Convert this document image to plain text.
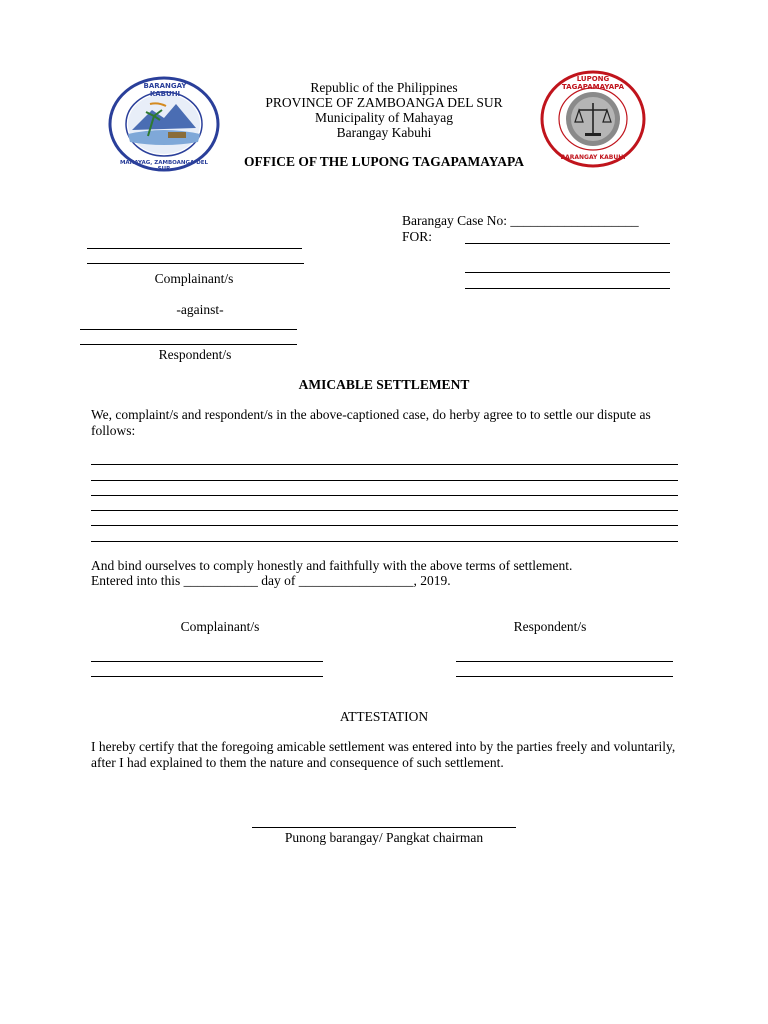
BARANGAY KABUHI
MAHAYAG, ZAMBOANGA DEL SUR
LUPONG TAGAPAMAYAPA
BARANGAY KABUHI
Republic of the Philippines
PROVINCE OF ZAMBOANGA DEL SUR
Municipality of Mahayag
Barangay Kabuhi
OFFICE OF THE LUPONG TAGAPAMAYAPA
Barangay Case No: ___________________
FOR:
Complainant/s
-against-
Respondent/s
AMICABLE SETTLEMENT
We, complaint/s and respondent/s in the above-captioned case, do herby agree to to settle our dispute as follows:
And bind ourselves to comply honestly and faithfully with the above terms of settlement.
Entered into this ___________ day of _________________, 2019.
Complainant/s	Respondent/s
ATTESTATION
I hereby certify that the foregoing amicable settlement was entered into by the parties freely and voluntarily, after I had explained to them the nature and consequence of such settlement.
Punong barangay/ Pangkat chairman
